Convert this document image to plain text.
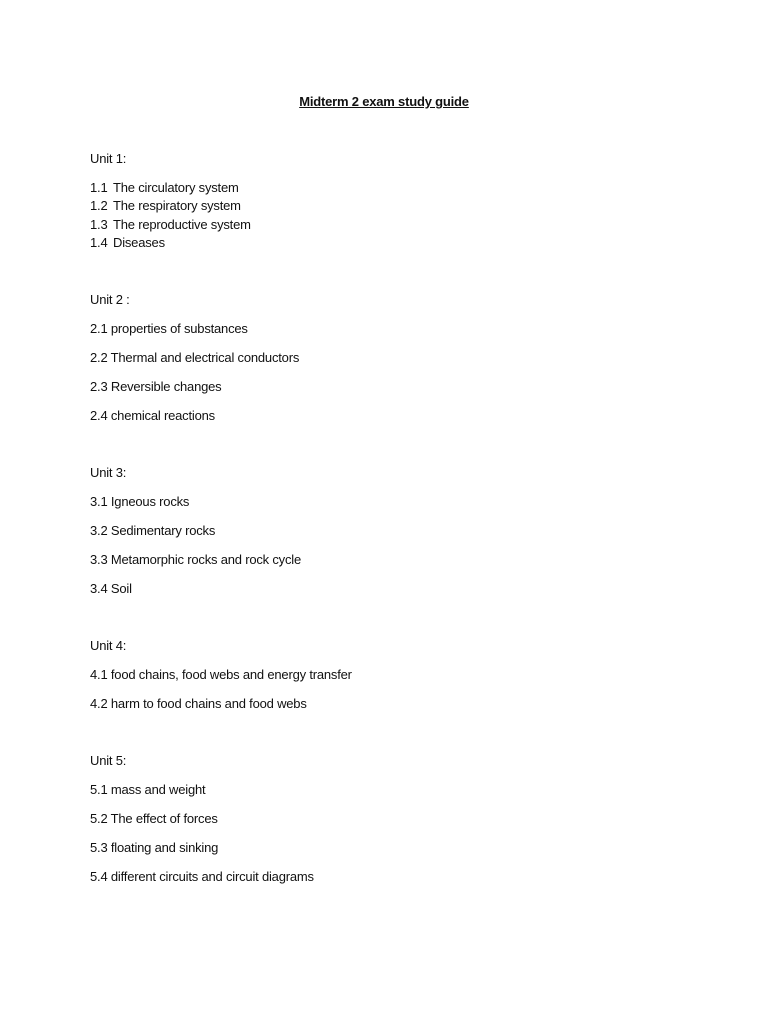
Midterm 2 exam study guide
Unit 1:
1.1 The circulatory system
1.2 The respiratory system
1.3 The reproductive system
1.4 Diseases
Unit 2 :
2.1 properties of substances
2.2 Thermal and electrical conductors
2.3 Reversible changes
2.4 chemical reactions
Unit 3:
3.1 Igneous rocks
3.2 Sedimentary rocks
3.3 Metamorphic rocks and rock cycle
3.4 Soil
Unit 4:
4.1 food chains, food webs and energy transfer
4.2 harm to food chains and food webs
Unit 5:
5.1 mass and weight
5.2 The effect of forces
5.3 floating and sinking
5.4 different circuits and circuit diagrams
